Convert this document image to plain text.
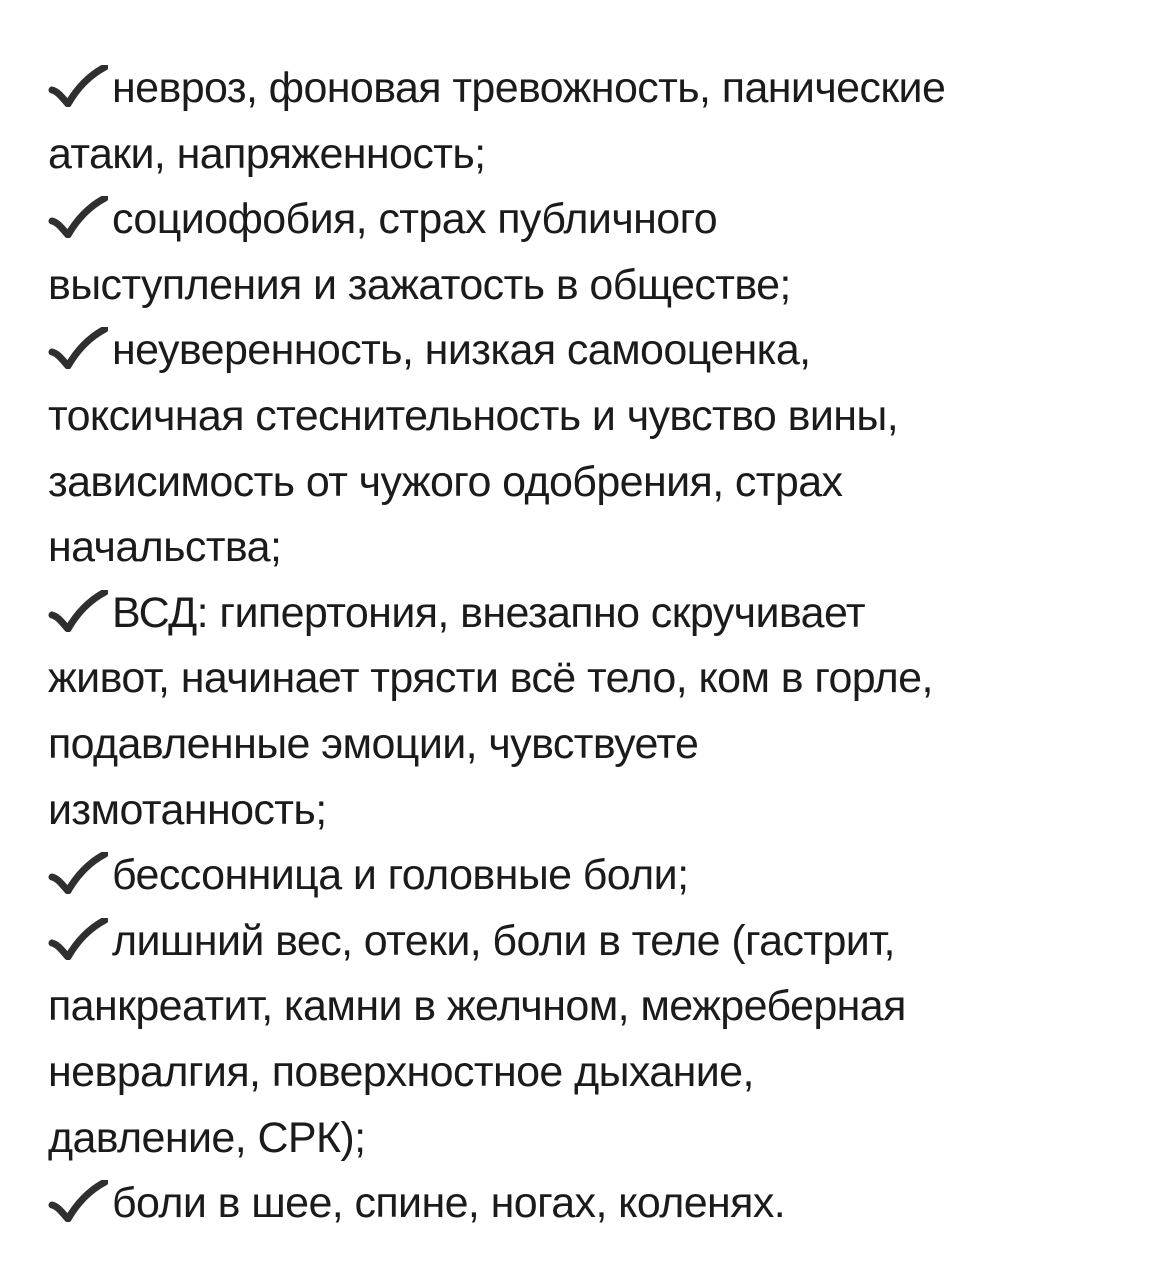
невроз, фоновая тревожность, панические
атаки, напряженность;

социофобия, страх публичного
выступления и зажатость в обществе;

неуверенность, низкая самооценка,
токсичная стеснительность и чувство вины,
зависимость от чужого одобрения, страх
начальства;

ВСД: гипертония, внезапно скручивает
живот, начинает трясти всё тело, ком в горле,
подавленные эмоции, чувствуете
измотанность;

бессонница и головные боли;

лишний вес, отеки, боли в теле (гастрит,
панкреатит, камни в желчном, межреберная
невралгия, поверхностное дыхание,
давление, СРК);

боли в шее, спине, ногах, коленях.
